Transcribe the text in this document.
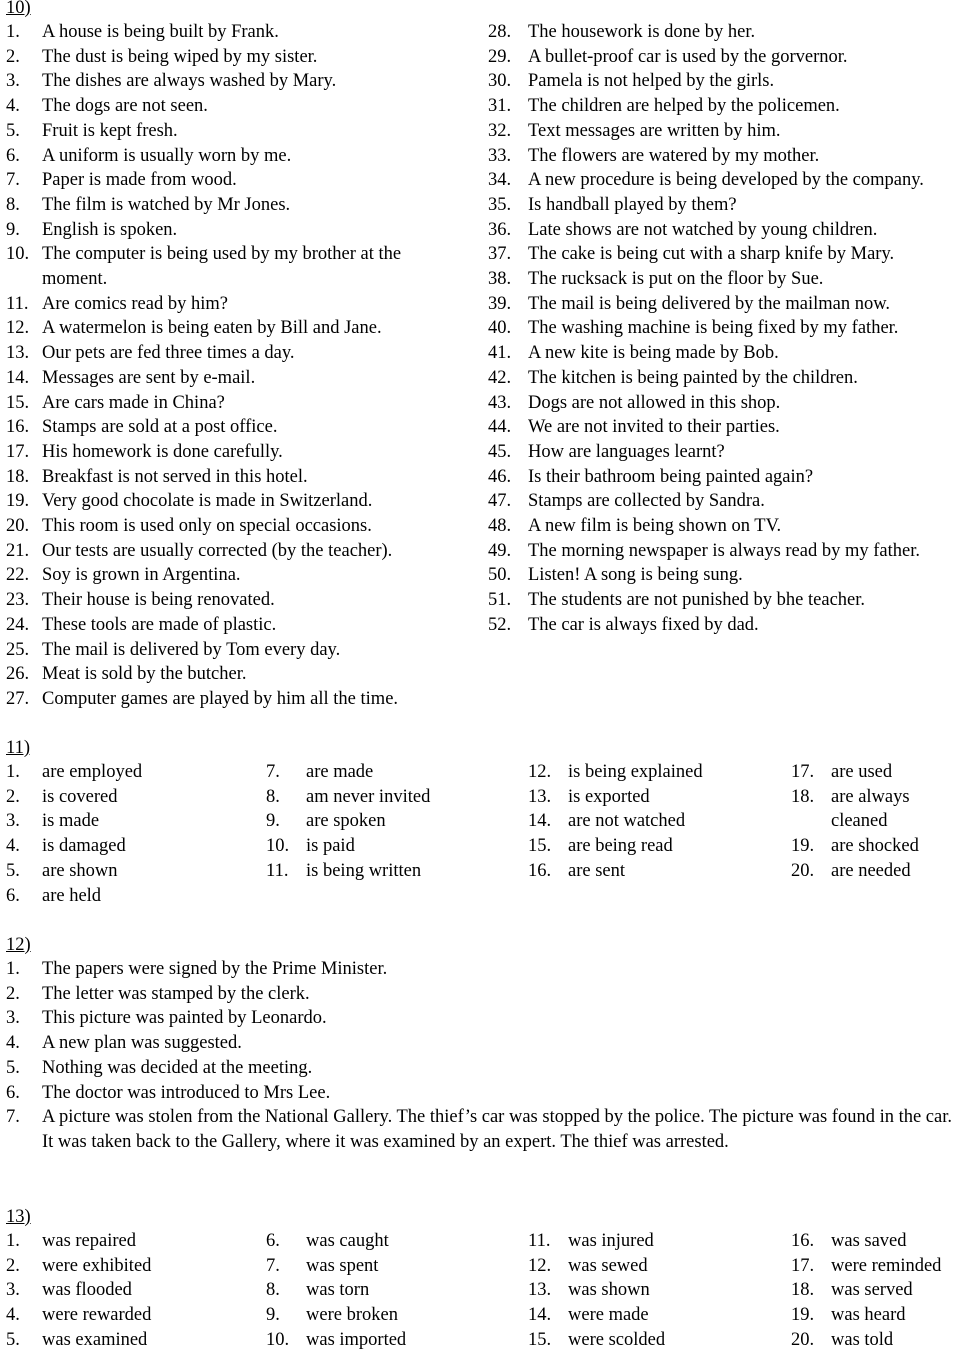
10)
1.	A house is being built by Frank.
2.	The dust is being wiped by my sister.
3.	The dishes are always washed by Mary.
4.	The dogs are not seen.
5.	Fruit is kept fresh.
6.	A uniform is usually worn by me.
7.	Paper is made from wood.
8.	The film is watched by Mr Jones.
9.	English is spoken.
10. The computer is being used by my brother at the moment.
11. Are comics read by him?
12. A watermelon is being eaten by Bill and Jane.
13. Our pets are fed three times a day.
14. Messages are sent by e-mail.
15. Are cars made in China?
16. Stamps are sold at a post office.
17. His homework is done carefully.
18. Breakfast is not served in this hotel.
19. Very good chocolate is made in Switzerland.
20. This room is used only on special occasions.
21. Our tests are usually corrected (by the teacher).
22. Soy is grown in Argentina.
23. Their house is being renovated.
24. These tools are made of plastic.
25. The mail is delivered by Tom every day.
26. Meat is sold by the butcher.
27. Computer games are played by him all the time.
28. The housework is done by her.
29. A bullet-proof car is used by the gorvernor.
30. Pamela is not helped by the girls.
31. The children are helped by the policemen.
32. Text messages are written by him.
33. The flowers are watered by my mother.
34. A new procedure is being developed by the company.
35. Is handball played by them?
36. Late shows are not watched by young children.
37. The cake is being cut with a sharp knife by Mary.
38. The rucksack is put on the floor by Sue.
39. The mail is being delivered by the mailman now.
40. The washing machine is being fixed by my father.
41. A new kite is being made by Bob.
42. The kitchen is being painted by the children.
43. Dogs are not allowed in this shop.
44. We are not invited to their parties.
45. How are languages learnt?
46. Is their bathroom being painted again?
47. Stamps are collected by Sandra.
48. A new film is being shown on TV.
49. The morning newspaper is always read by my father.
50. Listen! A song is being sung.
51. The students are not punished by bhe teacher.
52. The car is always fixed by dad.
11)
1.	are employed
2.	is covered
3.	is made
4.	is damaged
5.	are shown
6.	are held
7.	are made
8.	am never invited
9.	are spoken
10. is paid
11. is being written
12. is being explained
13. is exported
14. are not watched
15. are being read
16. are sent
17. are used
18. are always cleaned
19. are shocked
20. are needed
12)
1.	The papers were signed by the Prime Minister.
2.	The letter was stamped by the clerk.
3.	This picture was painted by Leonardo.
4.	A new plan was suggested.
5.	Nothing was decided at the meeting.
6.	The doctor was introduced to Mrs Lee.
7.	A picture was stolen from the National Gallery. The thief’s car was stopped by the police. The picture was found in the car. It was taken back to the Gallery, where it was examined by an expert. The thief was arrested.
13)
1.	was repaired
2.	were exhibited
3.	was flooded
4.	were rewarded
5.	was examined
6.	was caught
7.	was spent
8.	was torn
9.	were broken
10. was imported
11. was injured
12. was sewed
13. was shown
14. were made
15. were scolded
16. was saved
17. were reminded
18. was served
19. was heard
20. was told
